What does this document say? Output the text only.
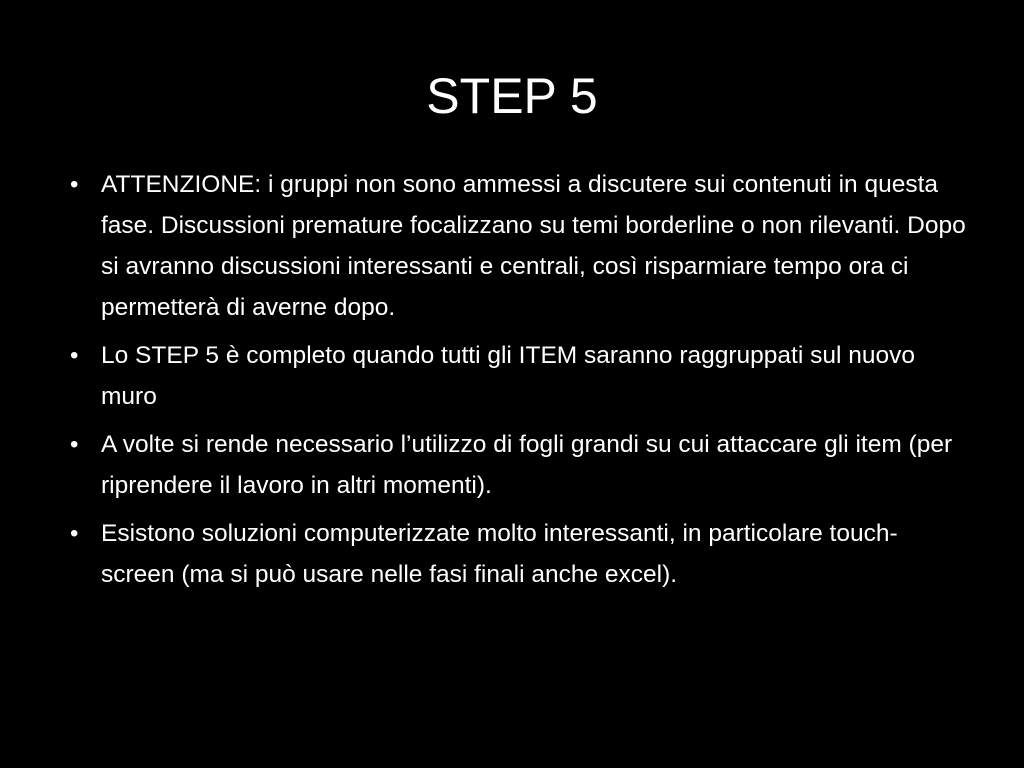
STEP 5
• ATTENZIONE: i gruppi non sono ammessi a discutere sui contenuti in questa fase. Discussioni premature focalizzano su temi borderline o non rilevanti. Dopo si avranno discussioni interessanti e centrali, così risparmiare tempo ora ci permetterà di averne dopo.
• Lo STEP 5 è completo quando tutti gli ITEM saranno raggruppati sul nuovo muro
• A volte si rende necessario l’utilizzo di fogli grandi su cui attaccare gli item (per riprendere il lavoro in altri momenti).
• Esistono soluzioni computerizzate molto interessanti, in particolare touch-screen (ma si può usare nelle fasi finali anche excel).
